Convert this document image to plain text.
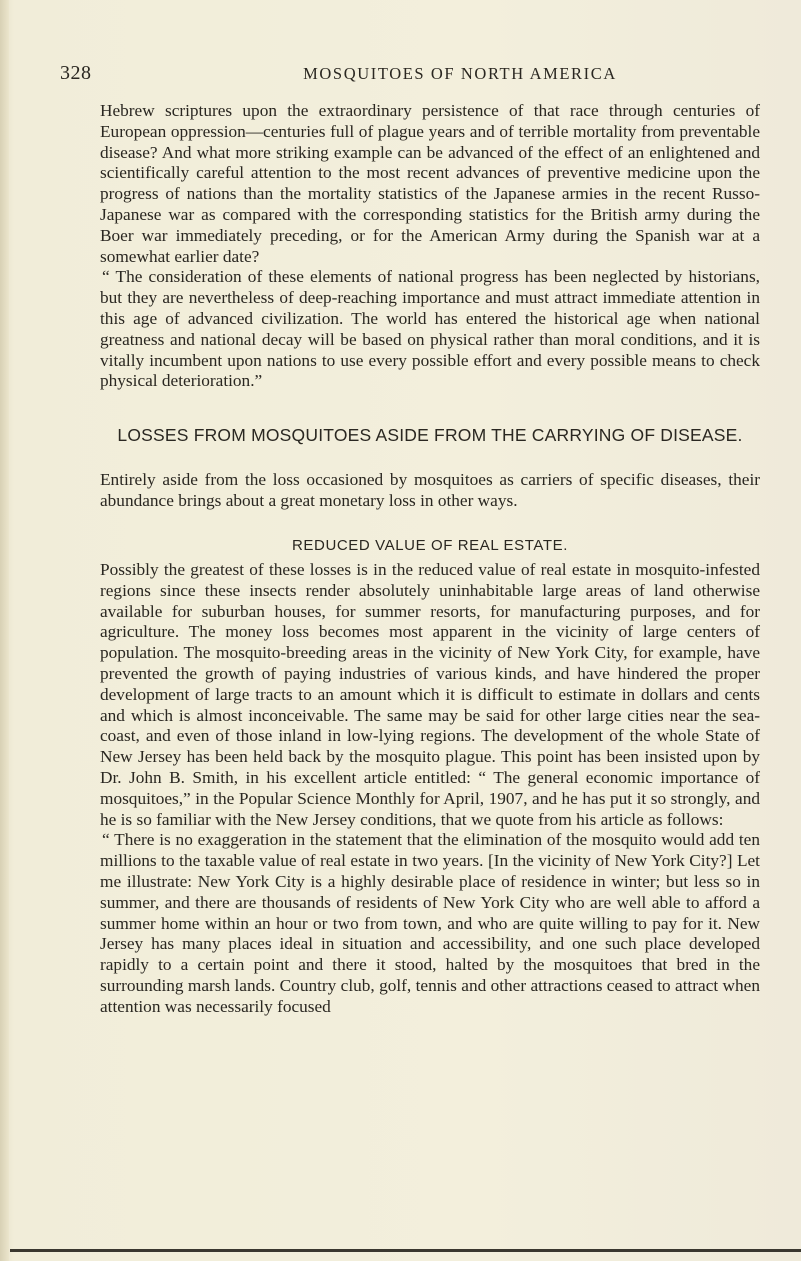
328	MOSQUITOES OF NORTH AMERICA

Hebrew scriptures upon the extraordinary persistence of that race through centuries of European oppression—centuries full of plague years and of terrible mortality from preventable disease? And what more striking example can be advanced of the effect of an enlightened and scientifically careful attention to the most recent advances of preventive medicine upon the progress of nations than the mortality statistics of the Japanese armies in the recent Russo-Japanese war as compared with the corresponding statistics for the British army during the Boer war immediately preceding, or for the American Army during the Spanish war at a somewhat earlier date?

“ The consideration of these elements of national progress has been neglected by historians, but they are nevertheless of deep-reaching importance and must attract immediate attention in this age of advanced civilization. The world has entered the historical age when national greatness and national decay will be based on physical rather than moral conditions, and it is vitally incumbent upon nations to use every possible effort and every possible means to check physical deterioration.”

LOSSES FROM MOSQUITOES ASIDE FROM THE CARRYING OF DISEASE.

Entirely aside from the loss occasioned by mosquitoes as carriers of specific diseases, their abundance brings about a great monetary loss in other ways.

REDUCED VALUE OF REAL ESTATE.

Possibly the greatest of these losses is in the reduced value of real estate in mosquito-infested regions since these insects render absolutely uninhabitable large areas of land otherwise available for suburban houses, for summer resorts, for manufacturing purposes, and for agriculture. The money loss becomes most apparent in the vicinity of large centers of population. The mosquito-breeding areas in the vicinity of New York City, for example, have prevented the growth of paying industries of various kinds, and have hindered the proper development of large tracts to an amount which it is difficult to estimate in dollars and cents and which is almost inconceivable. The same may be said for other large cities near the sea-coast, and even of those inland in low-lying regions. The development of the whole State of New Jersey has been held back by the mosquito plague. This point has been insisted upon by Dr. John B. Smith, in his excellent article entitled: “ The general economic importance of mosquitoes,” in the Popular Science Monthly for April, 1907, and he has put it so strongly, and he is so familiar with the New Jersey conditions, that we quote from his article as follows:

“ There is no exaggeration in the statement that the elimination of the mosquito would add ten millions to the taxable value of real estate in two years. [In the vicinity of New York City?] Let me illustrate: New York City is a highly desirable place of residence in winter; but less so in summer, and there are thousands of residents of New York City who are well able to afford a summer home within an hour or two from town, and who are quite willing to pay for it. New Jersey has many places ideal in situation and accessibility, and one such place developed rapidly to a certain point and there it stood, halted by the mosquitoes that bred in the surrounding marsh lands. Country club, golf, tennis and other attractions ceased to attract when attention was necessarily focused
